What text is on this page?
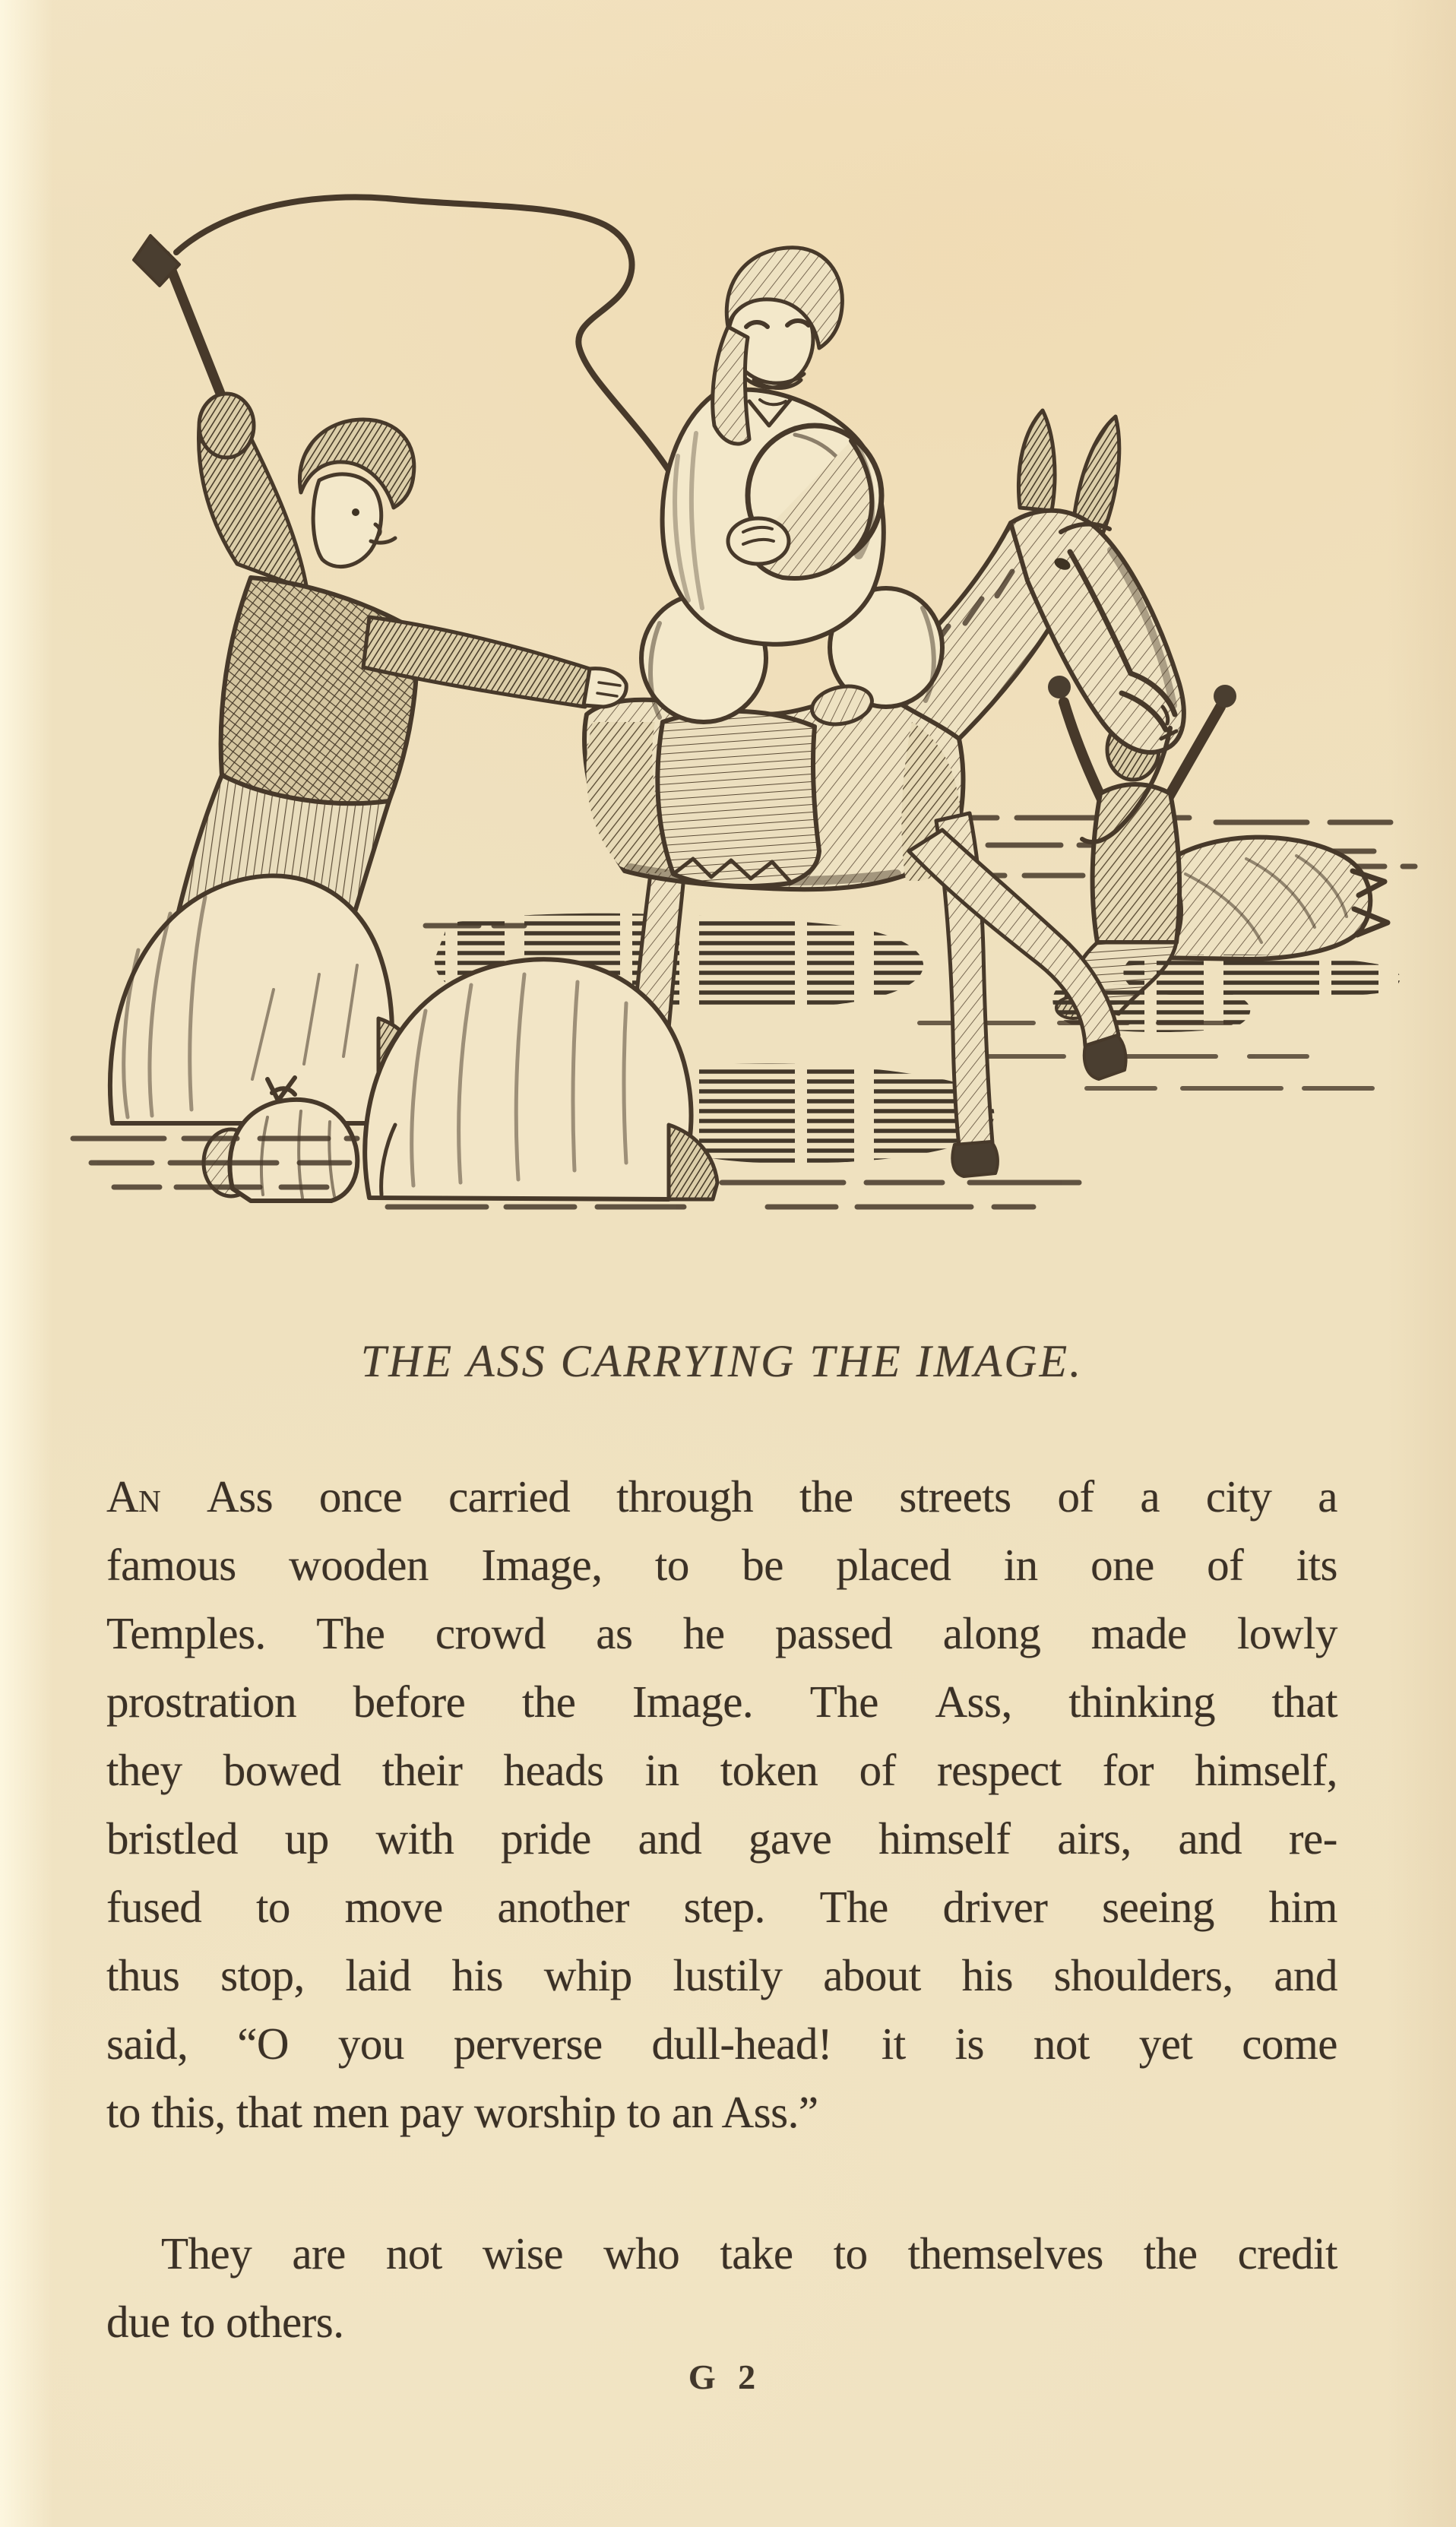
THE ASS CARRYING THE IMAGE.
An Ass once carried through the streets of a city a
famous wooden Image, to be placed in one of its
Temples. The crowd as he passed along made lowly
prostration before the Image. The Ass, thinking that
they bowed their heads in token of respect for himself,
bristled up with pride and gave himself airs, and re-
fused to move another step. The driver seeing him
thus stop, laid his whip lustily about his shoulders, and
said, “O you perverse dull-head! it is not yet come
to this, that men pay worship to an Ass.”
They are not wise who take to themselves the credit
due to others.
G 2
